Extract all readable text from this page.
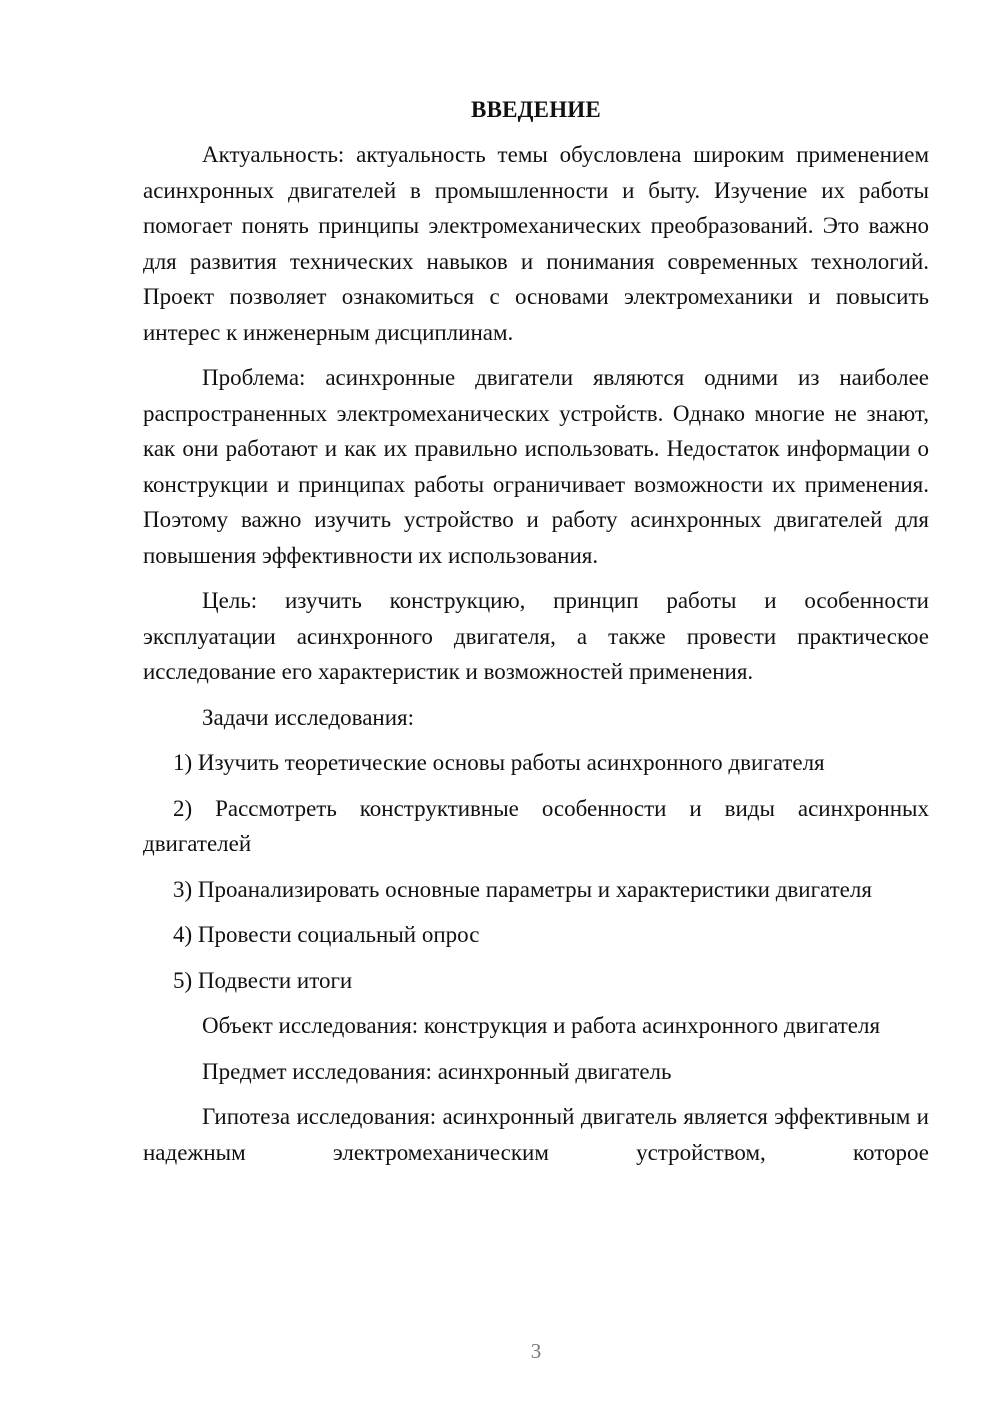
ВВЕДЕНИЕ

Актуальность: актуальность темы обусловлена широким применением асинхронных двигателей в промышленности и быту. Изучение их работы помогает понять принципы электромеханических преобразований. Это важно для развития технических навыков и понимания современных технологий. Проект позволяет ознакомиться с основами электромеханики и повысить интерес к инженерным дисциплинам.

Проблема: асинхронные двигатели являются одними из наиболее распространенных электромеханических устройств. Однако многие не знают, как они работают и как их правильно использовать. Недостаток информации о конструкции и принципах работы ограничивает возможности их применения. Поэтому важно изучить устройство и работу асинхронных двигателей для повышения эффективности их использования.

Цель: изучить конструкцию, принцип работы и особенности эксплуатации асинхронного двигателя, а также провести практическое исследование его характеристик и возможностей применения.

Задачи исследования:

1) Изучить теоретические основы работы асинхронного двигателя

2) Рассмотреть конструктивные особенности и виды асинхронных двигателей

3) Проанализировать основные параметры и характеристики двигателя

4) Провести социальный опрос

5) Подвести итоги

Объект исследования: конструкция и работа асинхронного двигателя

Предмет исследования: асинхронный двигатель

Гипотеза исследования: асинхронный двигатель является эффективным и надежным электромеханическим устройством, которое

3
